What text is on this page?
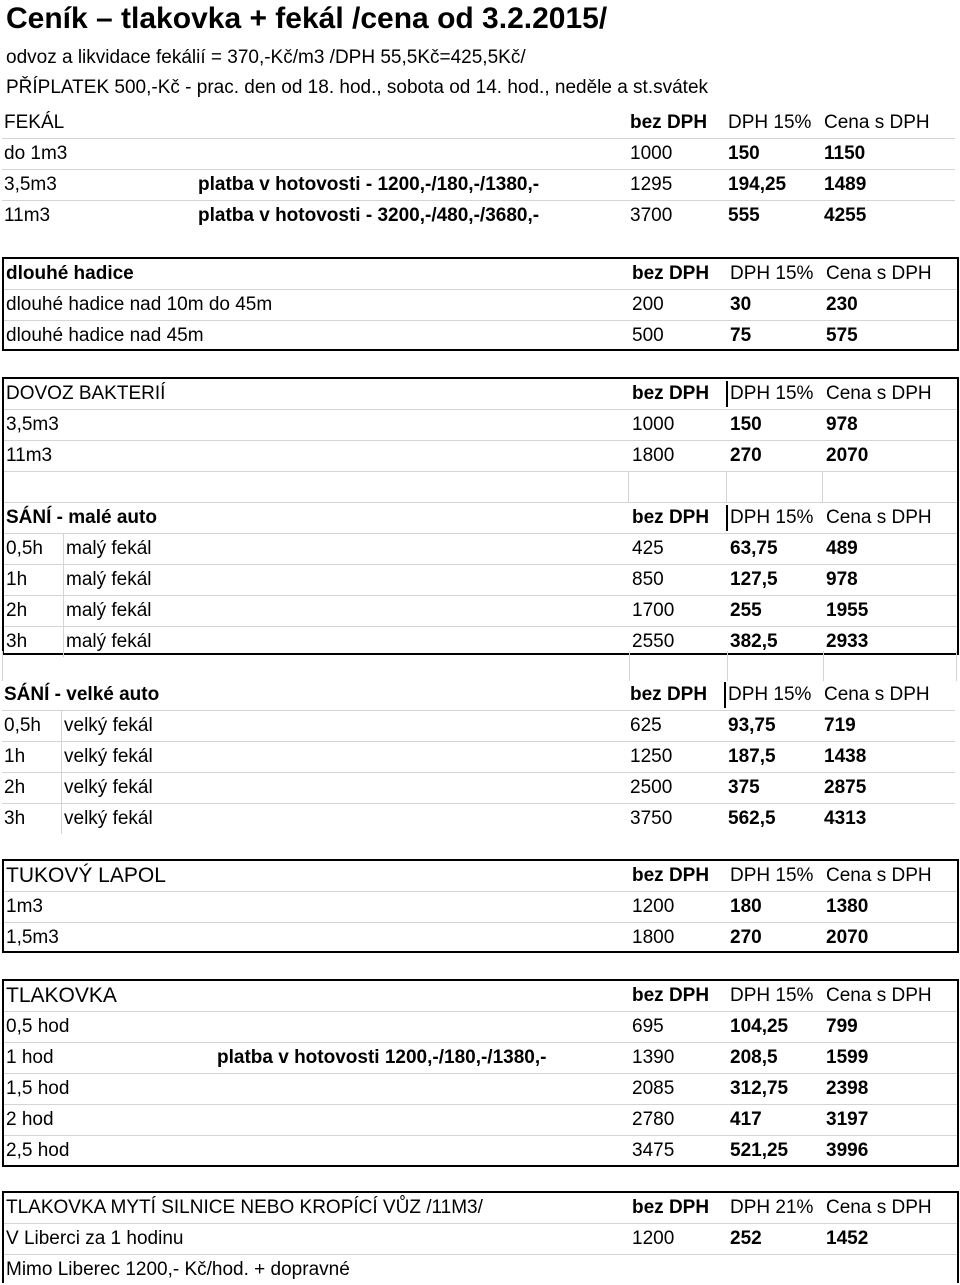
Ceník – tlakovka + fekál /cena od 3.2.2015/
odvoz a likvidace fekálií = 370,-Kč/m3 /DPH 55,5Kč=425,5Kč/
PŘÍPLATEK 500,-Kč - prac. den od 18. hod., sobota od 14. hod., neděle a st.svátek
FEKÁL	bez DPH DPH 15% Cena s DPH
do 1m3	1000	150	1150
3,5m3	platba v hotovosti - 1200,-/180,-/1380,-	1295	194,25 1489
11m3	platba v hotovosti - 3200,-/480,-/3680,-	3700	555	4255
dlouhé hadice	bez DPH DPH 15% Cena s DPH
dlouhé hadice nad 10m do 45m	200	30	230
dlouhé hadice nad 45m	500	75	575
DOVOZ BAKTERIÍ	bez DPH DPH 15% Cena s DPH
3,5m3	1000	150	978
11m3	1800	270	2070
SÁNÍ - malé auto	bez DPH DPH 15% Cena s DPH
0,5h malý fekál	425	63,75	489
1h malý fekál	850	127,5	978
2h malý fekál	1700	255	1955
3h malý fekál	2550	382,5	2933
SÁNÍ - velké auto	bez DPH DPH 15% Cena s DPH
0,5h velký fekál	625	93,75	719
1h velký fekál	1250	187,5	1438
2h velký fekál	2500	375	2875
3h velký fekál	3750	562,5	4313
TUKOVÝ LAPOL	bez DPH DPH 15% Cena s DPH
1m3	1200	180	1380
1,5m3	1800	270	2070
TLAKOVKA	bez DPH DPH 15% Cena s DPH
0,5 hod	695	104,25 799
1 hod	platba v hotovosti 1200,-/180,-/1380,-	1390	208,5	1599
1,5 hod	2085	312,75 2398
2 hod	2780	417	3197
2,5 hod	3475	521,25 3996
TLAKOVKA MYTÍ SILNICE NEBO KROPÍCÍ VŮZ /11M3/	bez DPH DPH 21% Cena s DPH
V Liberci za 1 hodinu	1200	252	1452
Mimo Liberec 1200,- Kč/hod. + dopravné
